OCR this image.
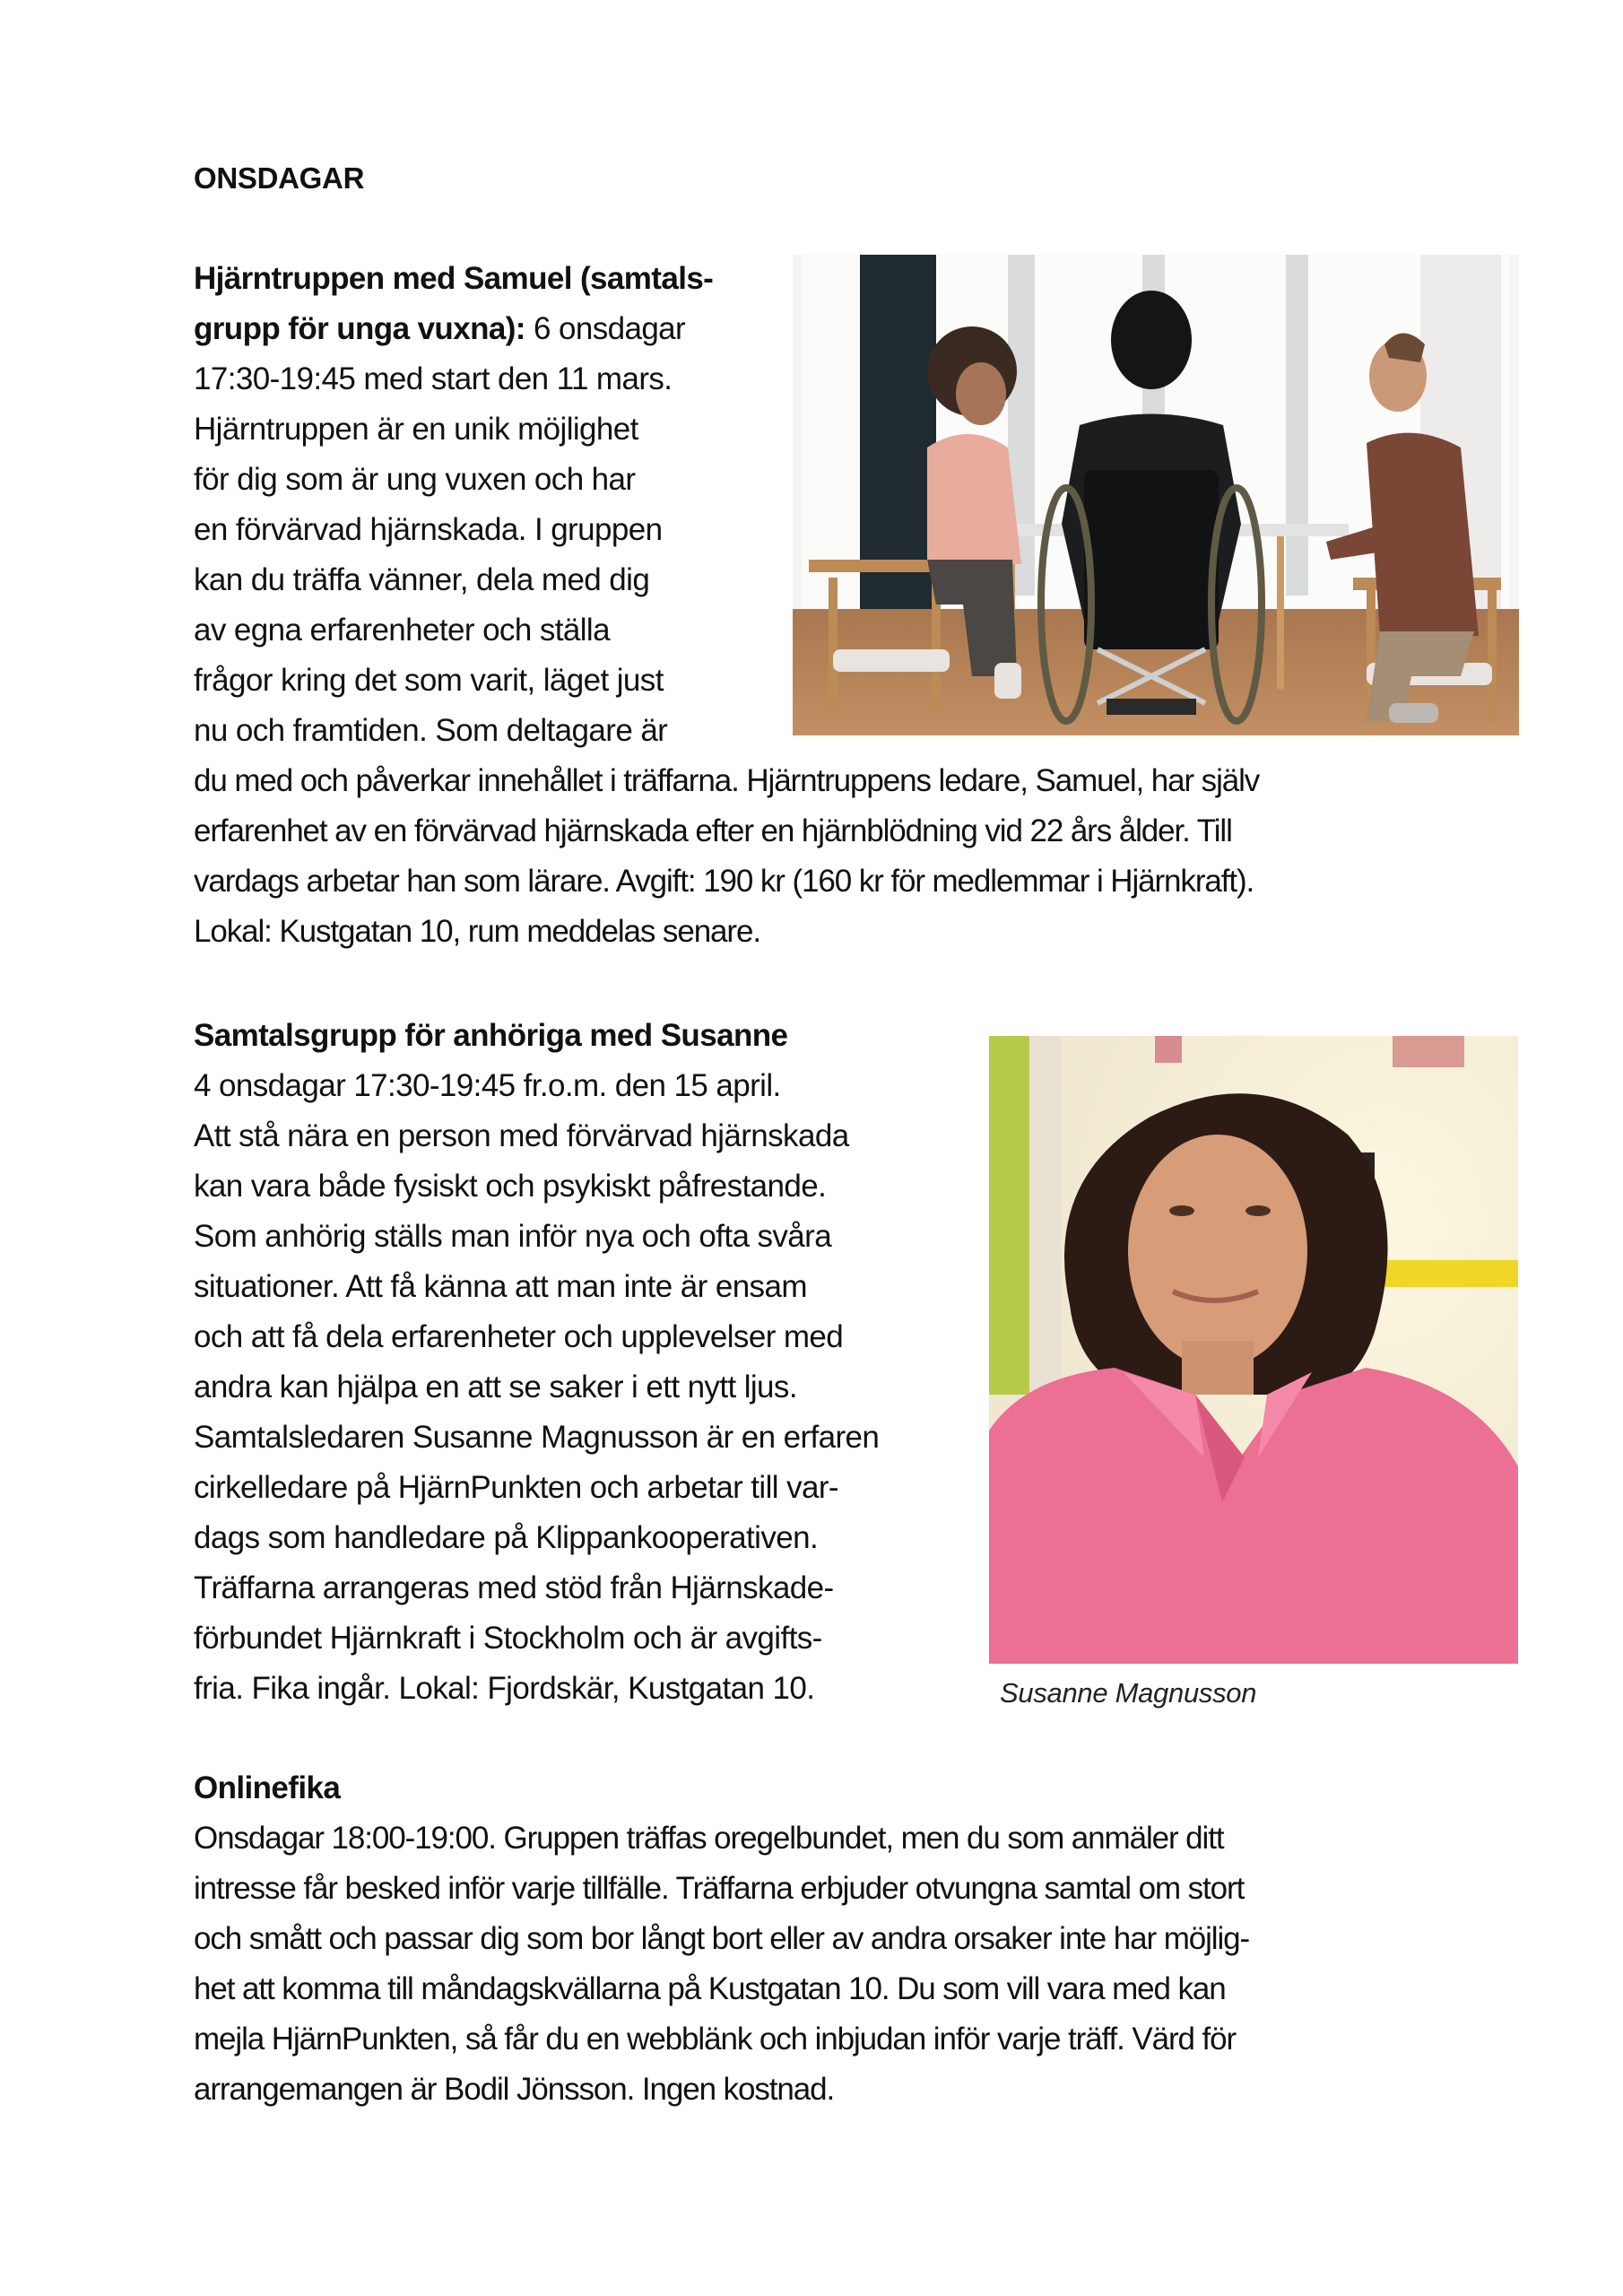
ONSDAGAR
Hjärntruppen med Samuel (samtals-
grupp för unga vuxna): 6 onsdagar
17:30-19:45 med start den 11 mars.
Hjärntruppen är en unik möjlighet
för dig som är ung vuxen och har
en förvärvad hjärnskada. I gruppen
kan du träffa vänner, dela med dig
av egna erfarenheter och ställa
frågor kring det som varit, läget just
nu och framtiden. Som deltagare är
du med och påverkar innehållet i träffarna. Hjärntruppens ledare, Samuel, har själv
erfarenhet av en förvärvad hjärnskada efter en hjärnblödning vid 22 års ålder. Till
vardags arbetar han som lärare. Avgift: 190 kr (160 kr för medlemmar i Hjärnkraft).
Lokal: Kustgatan 10, rum meddelas senare.
Samtalsgrupp för anhöriga med Susanne
4 onsdagar 17:30-19:45 fr.o.m. den 15 april.
Att stå nära en person med förvärvad hjärnskada
kan vara både fysiskt och psykiskt påfrestande.
Som anhörig ställs man inför nya och ofta svåra
situationer. Att få känna att man inte är ensam
och att få dela erfarenheter och upplevelser med
andra kan hjälpa en att se saker i ett nytt ljus.
Samtalsledaren Susanne Magnusson är en erfaren
cirkelledare på HjärnPunkten och arbetar till var-
dags som handledare på Klippankooperativen.
Träffarna arrangeras med stöd från Hjärnskade-
förbundet Hjärnkraft i Stockholm och är avgifts-
fria. Fika ingår. Lokal: Fjordskär, Kustgatan 10.	Susanne Magnusson
Onlinefika
Onsdagar 18:00-19:00. Gruppen träffas oregelbundet, men du som anmäler ditt
intresse får besked inför varje tillfälle. Träffarna erbjuder otvungna samtal om stort
och smått och passar dig som bor långt bort eller av andra orsaker inte har möjlig-
het att komma till måndagskvällarna på Kustgatan 10. Du som vill vara med kan
mejla HjärnPunkten, så får du en webblänk och inbjudan inför varje träff. Värd för
arrangemangen är Bodil Jönsson. Ingen kostnad.
